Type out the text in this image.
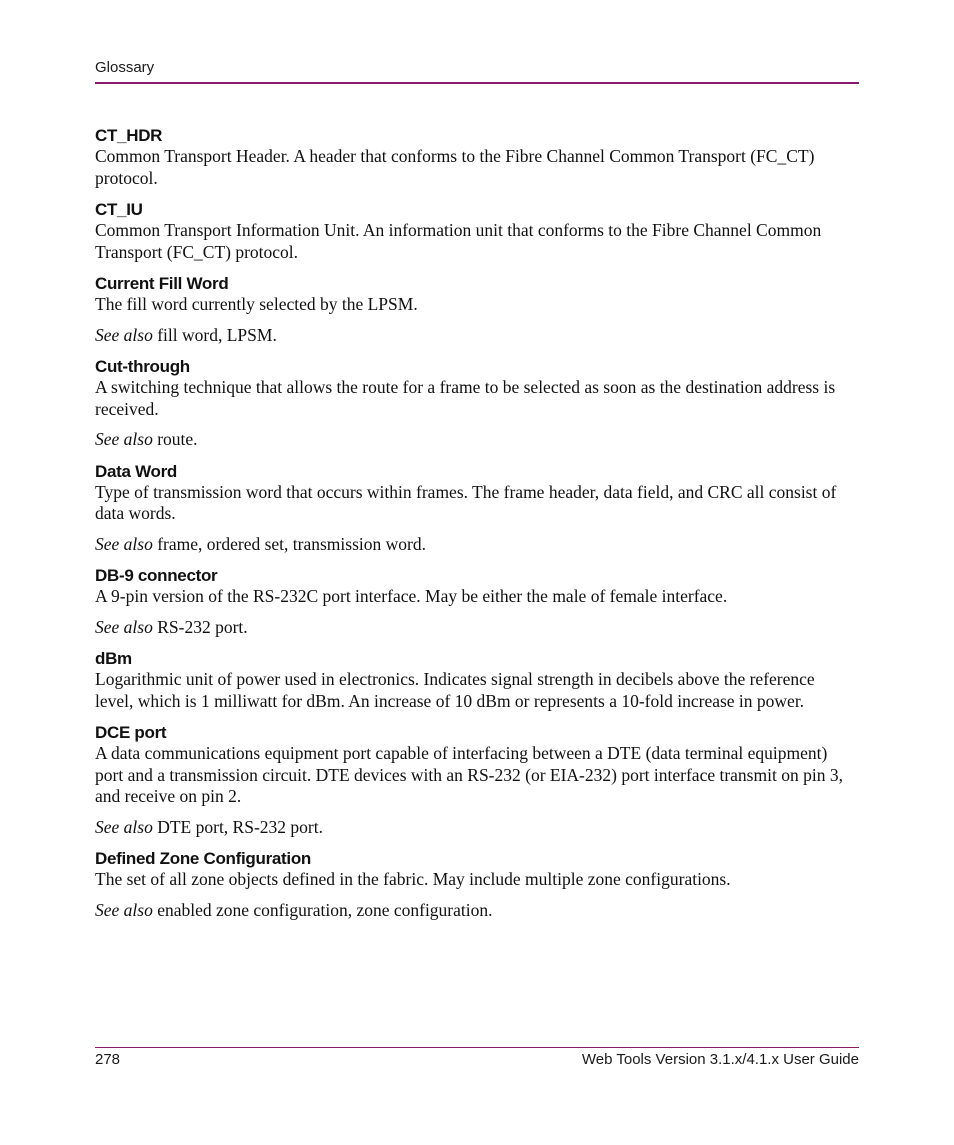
Glossary

CT_HDR

Common Transport Header. A header that conforms to the Fibre Channel Common Transport (FC_CT) protocol.

CT_IU

Common Transport Information Unit. An information unit that conforms to the Fibre Channel Common Transport (FC_CT) protocol.

Current Fill Word

The fill word currently selected by the LPSM.

See also fill word, LPSM.

Cut-through

A switching technique that allows the route for a frame to be selected as soon as the destination address is received.

See also route.

Data Word

Type of transmission word that occurs within frames. The frame header, data field, and CRC all consist of data words.

See also frame, ordered set, transmission word.

DB-9 connector

A 9-pin version of the RS-232C port interface. May be either the male of female interface.

See also RS-232 port.

dBm

Logarithmic unit of power used in electronics. Indicates signal strength in decibels above the reference level, which is 1 milliwatt for dBm. An increase of 10 dBm or represents a 10-fold increase in power.

DCE port

A data communications equipment port capable of interfacing between a DTE (data terminal equipment) port and a transmission circuit. DTE devices with an RS-232 (or EIA-232) port interface transmit on pin 3, and receive on pin 2.

See also DTE port, RS-232 port.

Defined Zone Configuration

The set of all zone objects defined in the fabric. May include multiple zone configurations.

See also enabled zone configuration, zone configuration.

278	Web Tools Version 3.1.x/4.1.x User Guide
